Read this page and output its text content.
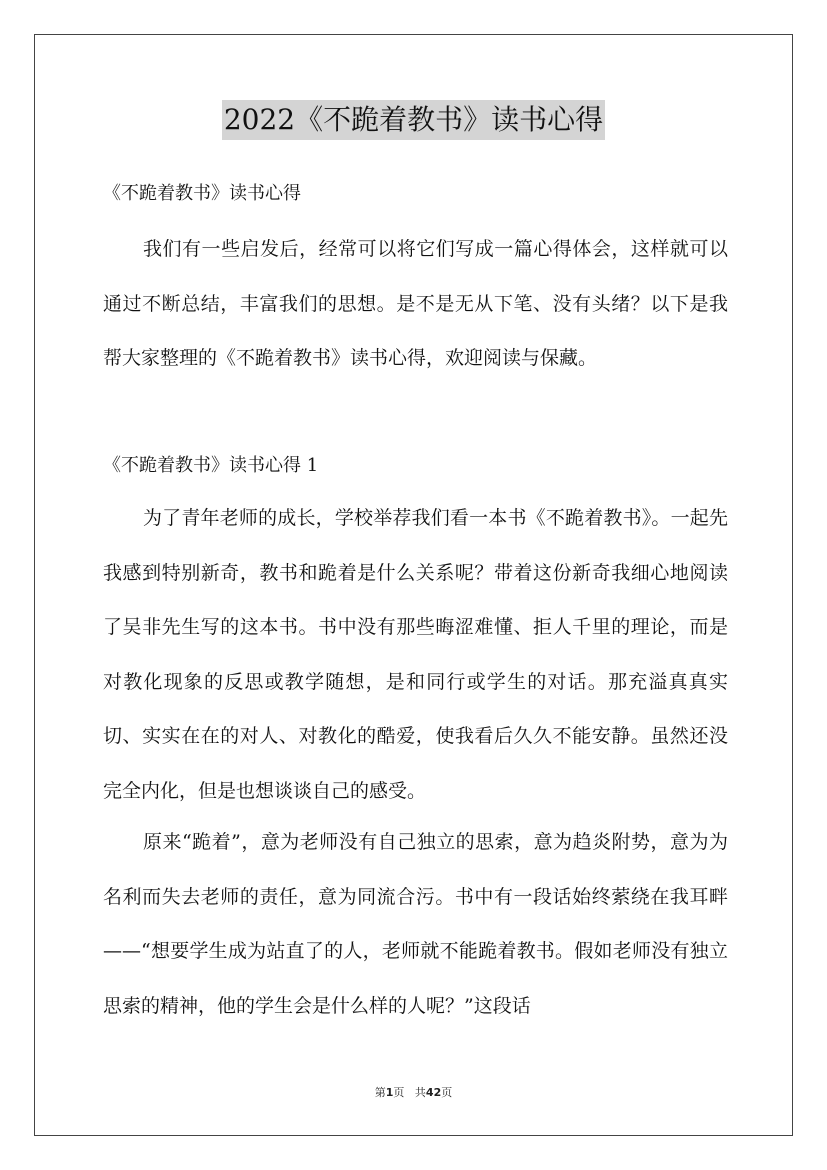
2022《不跪着教书》读书心得
《不跪着教书》读书心得

我们有一些启发后，经常可以将它们写成一篇心得体会，这样就可以通过不断总结，丰富我们的思想。是不是无从下笔、没有头绪？以下是我帮大家整理的《不跪着教书》读书心得，欢迎阅读与保藏。

《不跪着教书》读书心得 1

为了青年老师的成长，学校举荐我们看一本书《不跪着教书》。一起先我感到特别新奇，教书和跪着是什么关系呢？带着这份新奇我细心地阅读了吴非先生写的这本书。书中没有那些晦涩难懂、拒人千里的理论，而是对教化现象的反思或教学随想，是和同行或学生的对话。那充溢真真实切、实实在在的对人、对教化的酷爱，使我看后久久不能安静。虽然还没完全内化，但是也想谈谈自己的感受。

原来“跪着”，意为老师没有自己独立的思索，意为趋炎附势，意为为名利而失去老师的责任，意为同流合污。书中有一段话始终萦绕在我耳畔——“想要学生成为站直了的人，老师就不能跪着教书。假如老师没有独立思索的精神，他的学生会是什么样的人呢？”这段话

第1页 共42页
